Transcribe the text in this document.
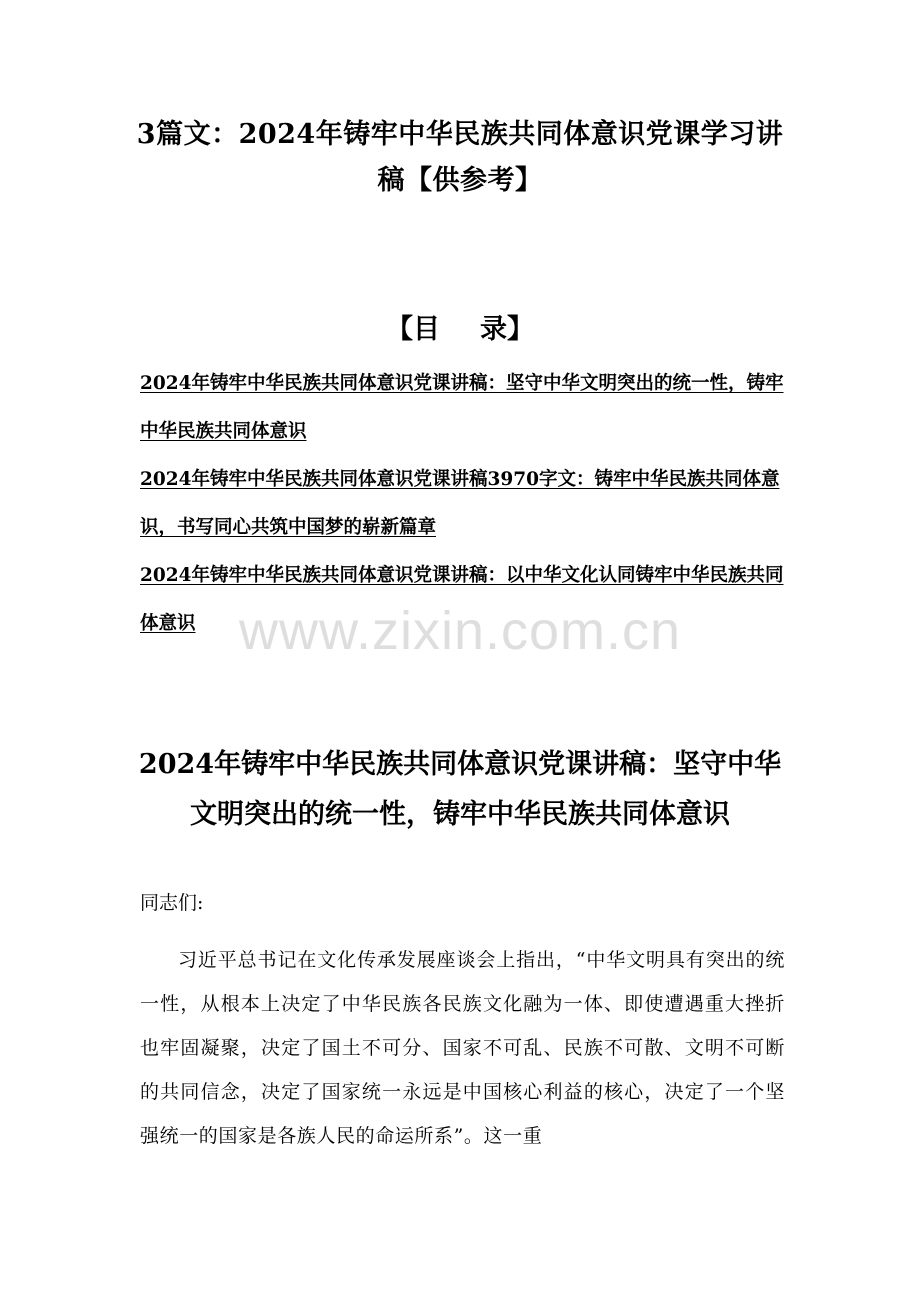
3篇文：2024年铸牢中华民族共同体意识党课学习讲稿【供参考】
【目 录】
2024年铸牢中华民族共同体意识党课讲稿：坚守中华文明突出的统一性，铸牢中华民族共同体意识
2024年铸牢中华民族共同体意识党课讲稿3970字文：铸牢中华民族共同体意识，书写同心共筑中国梦的崭新篇章
2024年铸牢中华民族共同体意识党课讲稿：以中华文化认同铸牢中华民族共同体意识 www.zixin.com.cn
2024年铸牢中华民族共同体意识党课讲稿：坚守中华文明突出的统一性，铸牢中华民族共同体意识
同志们:

习近平总书记在文化传承发展座谈会上指出，“中华文明具有突出的统一性，从根本上决定了中华民族各民族文化融为一体、即使遭遇重大挫折也牢固凝聚，决定了国土不可分、国家不可乱、民族不可散、文明不可断的共同信念，决定了国家统一永远是中国核心利益的核心，决定了一个坚强统一的国家是各族人民的命运所系”。这一重
